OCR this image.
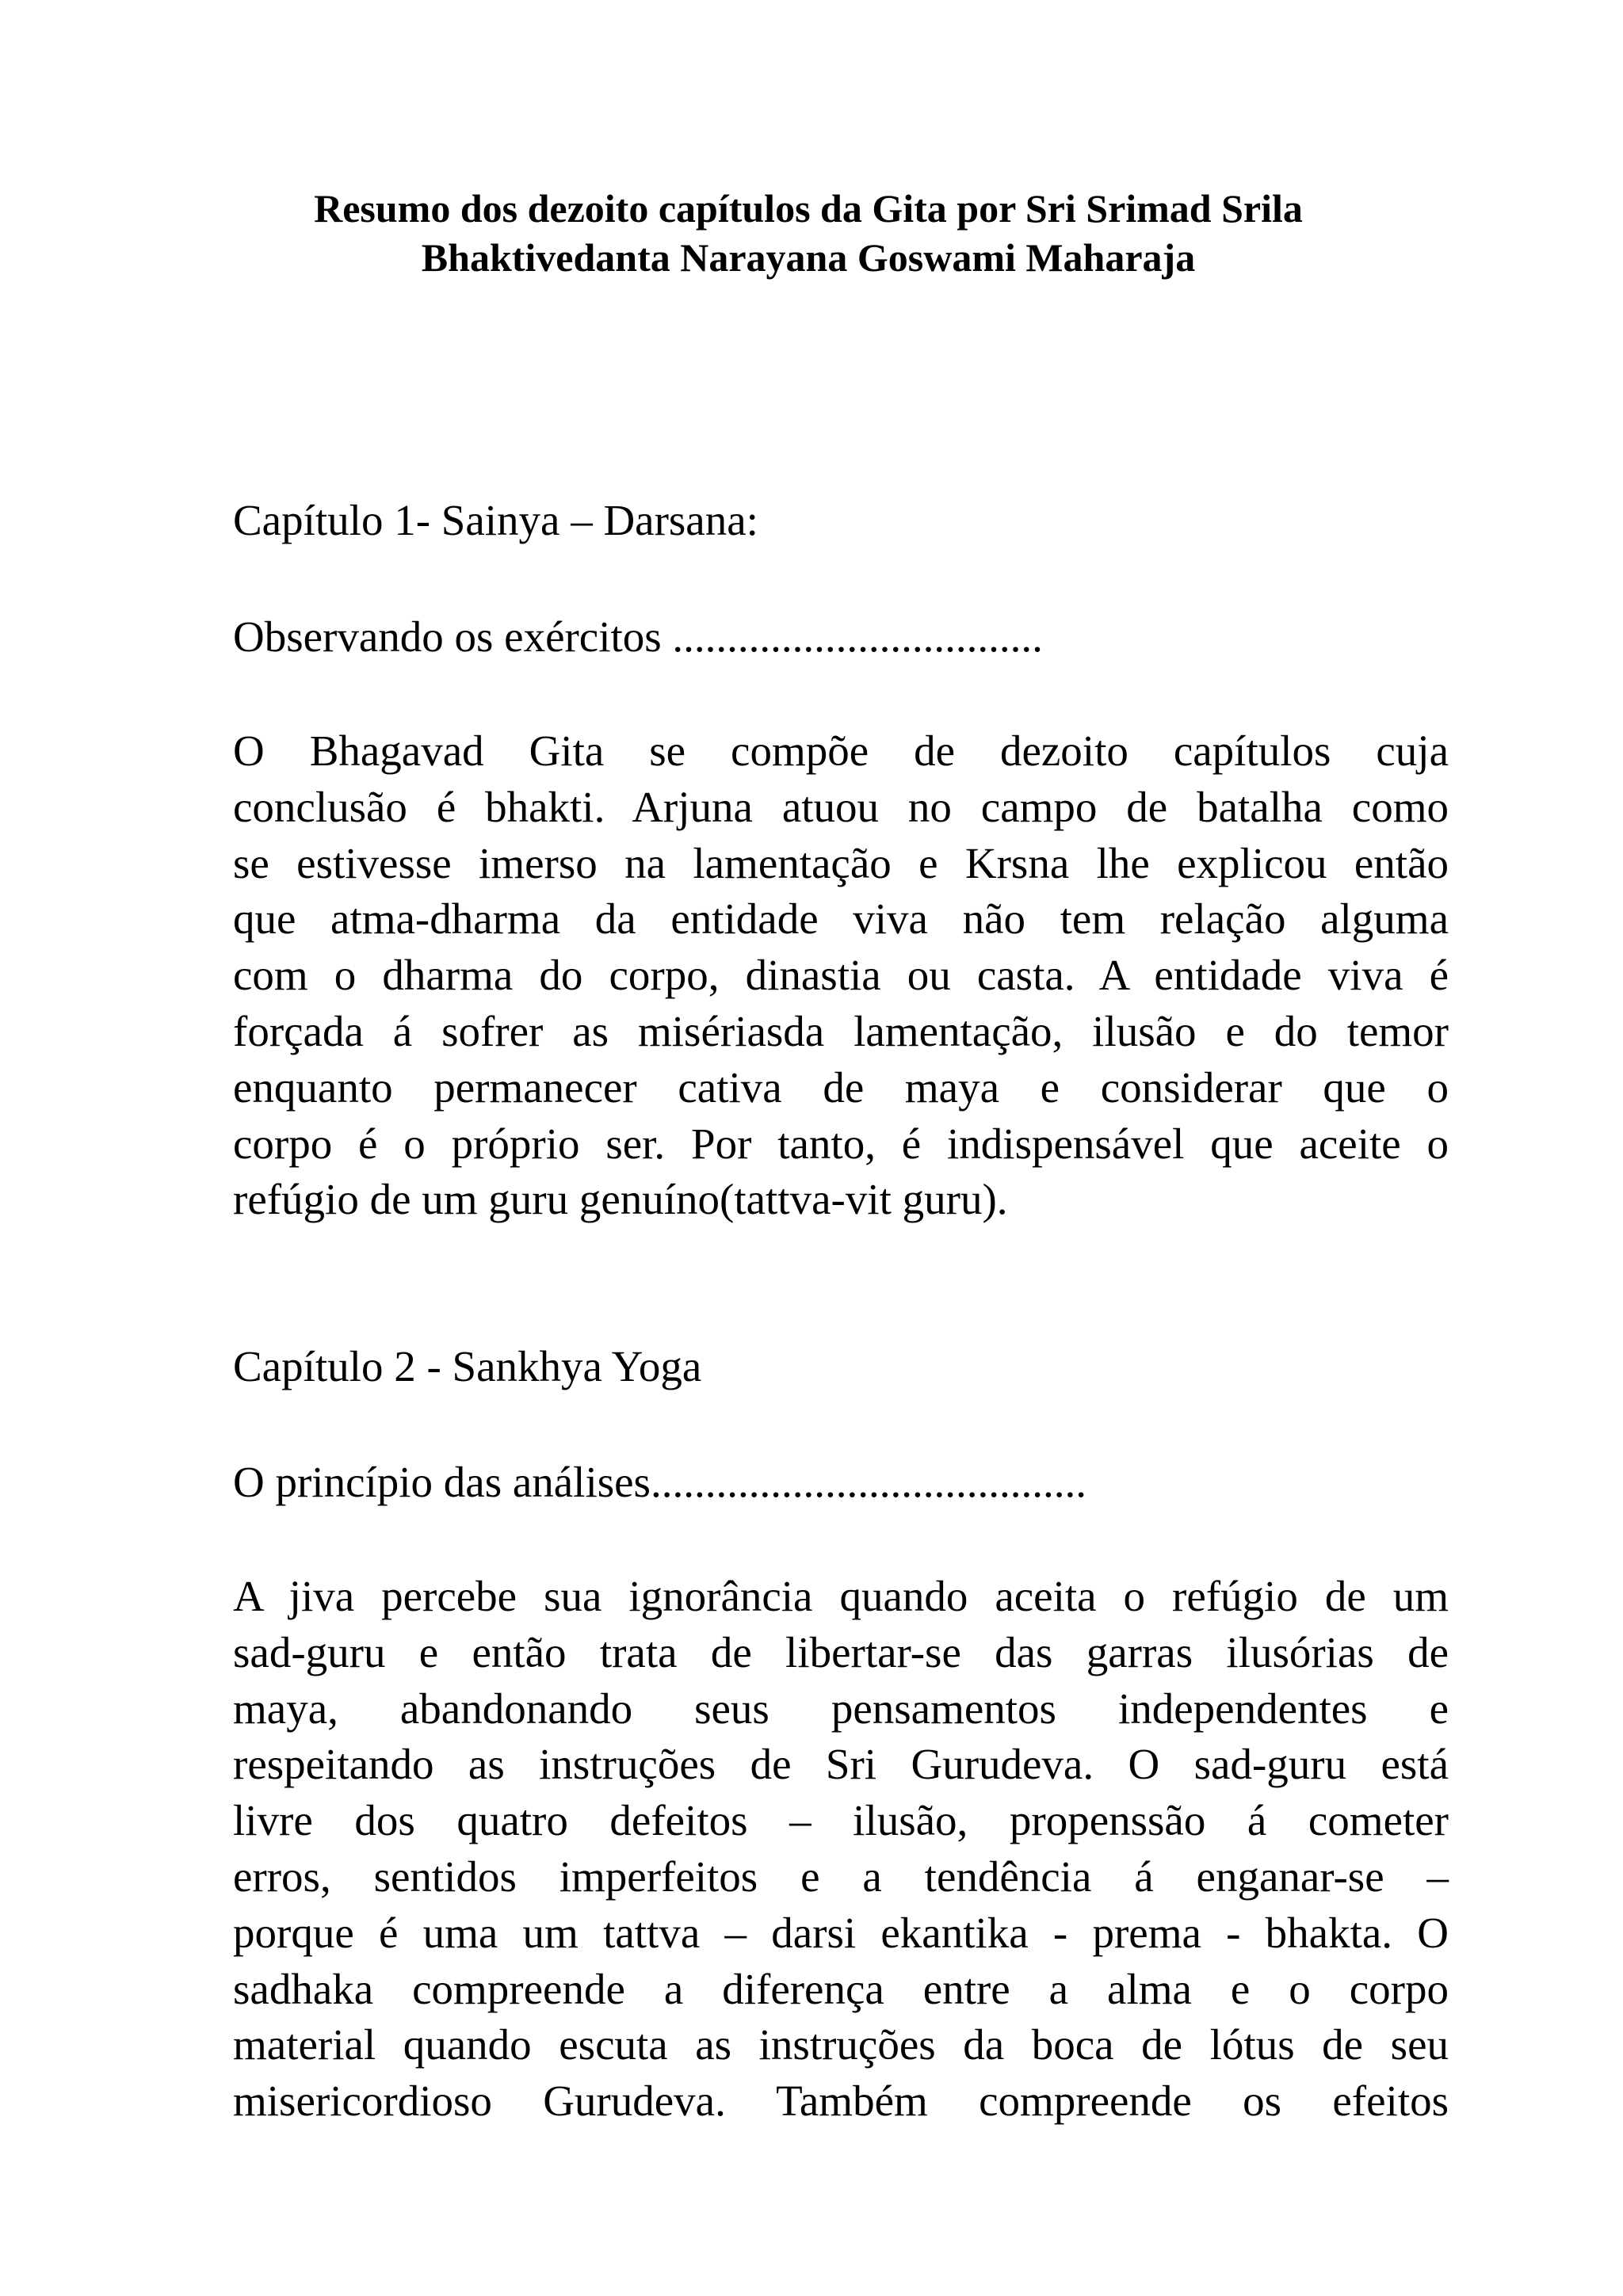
Resumo dos dezoito capítulos da Gita por Sri Srimad Srila
Bhaktivedanta Narayana Goswami Maharaja
Capítulo 1- Sainya – Darsana:

Observando os exércitos ..................................

O Bhagavad Gita se compõe de dezoito capítulos cuja
conclusão é bhakti. Arjuna atuou no campo de batalha como
se estivesse imerso na lamentação e Krsna lhe explicou então
que atma-dharma da entidade viva não tem relação alguma
com o dharma do corpo, dinastia ou casta. A entidade viva é
forçada á sofrer as misériasda lamentação, ilusão e do temor
enquanto permanecer cativa de maya e considerar que o
corpo é o próprio ser. Por tanto, é indispensável que aceite o
refúgio de um guru genuíno(tattva-vit guru).

Capítulo 2 - Sankhya Yoga

O princípio das análises........................................

A jiva percebe sua ignorância quando aceita o refúgio de um
sad-guru e então trata de libertar-se das garras ilusórias de
maya, abandonando seus pensamentos independentes e
respeitando as instruções de Sri Gurudeva. O sad-guru está
livre dos quatro defeitos – ilusão, propenssão á cometer
erros, sentidos imperfeitos e a tendência á enganar-se –
porque é uma um tattva – darsi ekantika - prema - bhakta. O
sadhaka compreende a diferença entre a alma e o corpo
material quando escuta as instruções da boca de lótus de seu
misericordioso Gurudeva. Também compreende os efeitos
